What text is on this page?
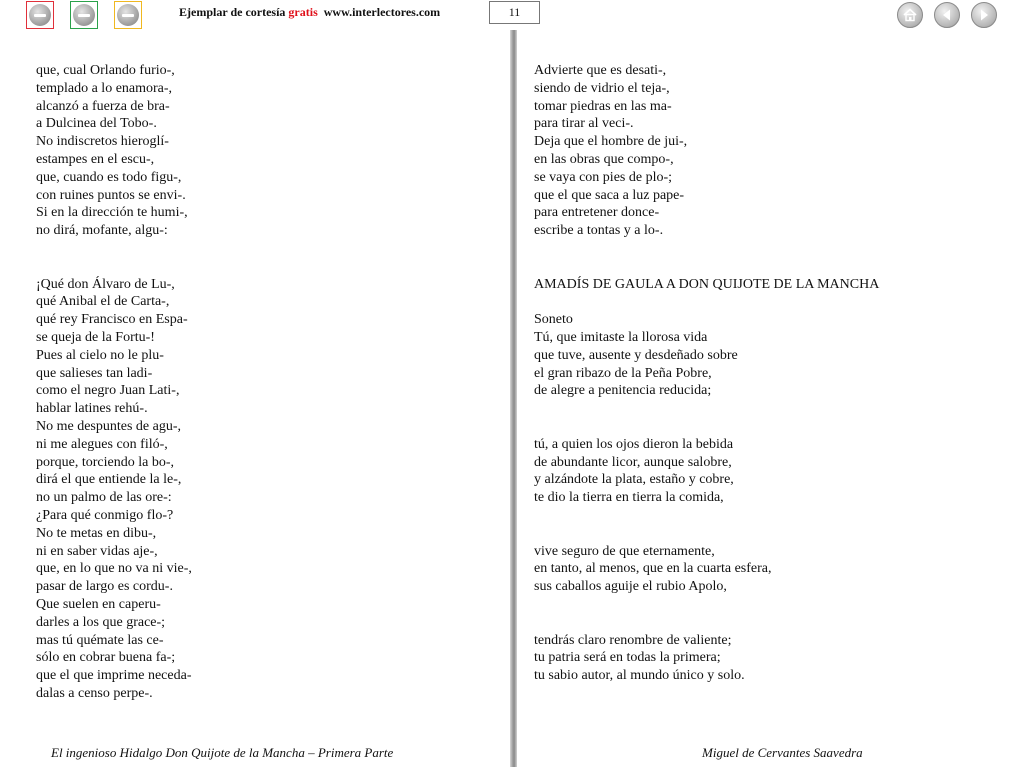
Ejemplar de cortesía gratis www.interlectores.com	11
que, cual Orlando furio-,
templado a lo enamora-,
alcanzó a fuerza de bra-
a Dulcinea del Tobo-.
No indiscretos hieroglí-
estampes en el escu-,
que, cuando es todo figu-,
con ruines puntos se envi-.
Si en la dirección te humi-,
no dirá, mofante, algu-:
¡Qué don Álvaro de Lu-,
qué Anibal el de Carta-,
qué rey Francisco en Espa-
se queja de la Fortu-!
Pues al cielo no le plu-
que salieses tan ladi-
como el negro Juan Lati-,
hablar latines rehú-.
No me despuntes de agu-,
ni me alegues con filó-,
porque, torciendo la bo-,
dirá el que entiende la le-,
no un palmo de las ore-:
¿Para qué conmigo flo-?
No te metas en dibu-,
ni en saber vidas aje-,
que, en lo que no va ni vie-,
pasar de largo es cordu-.
Que suelen en caperu-
darles a los que grace-;
mas tú quémate las ce-
sólo en cobrar buena fa-;
que el que imprime neceda-
dalas a censo perpe-.
Advierte que es desati-,
siendo de vidrio el teja-,
tomar piedras en las ma-
para tirar al veci-.
Deja que el hombre de jui-,
en las obras que compo-,
se vaya con pies de plo-;
que el que saca a luz pape-
para entretener donce-
escribe a tontas y a lo-.
AMADÍS DE GAULA A DON QUIJOTE DE LA MANCHA
Soneto
Tú, que imitaste la llorosa vida
que tuve, ausente y desdeñado sobre
el gran ribazo de la Peña Pobre,
de alegre a penitencia reducida;
tú, a quien los ojos dieron la bebida
de abundante licor, aunque salobre,
y alzándote la plata, estaño y cobre,
te dio la tierra en tierra la comida,
vive seguro de que eternamente,
en tanto, al menos, que en la cuarta esfera,
sus caballos aguije el rubio Apolo,
tendrás claro renombre de valiente;
tu patria será en todas la primera;
tu sabio autor, al mundo único y solo.
El ingenioso Hidalgo Don Quijote de la Mancha – Primera Parte	Miguel de Cervantes Saavedra
